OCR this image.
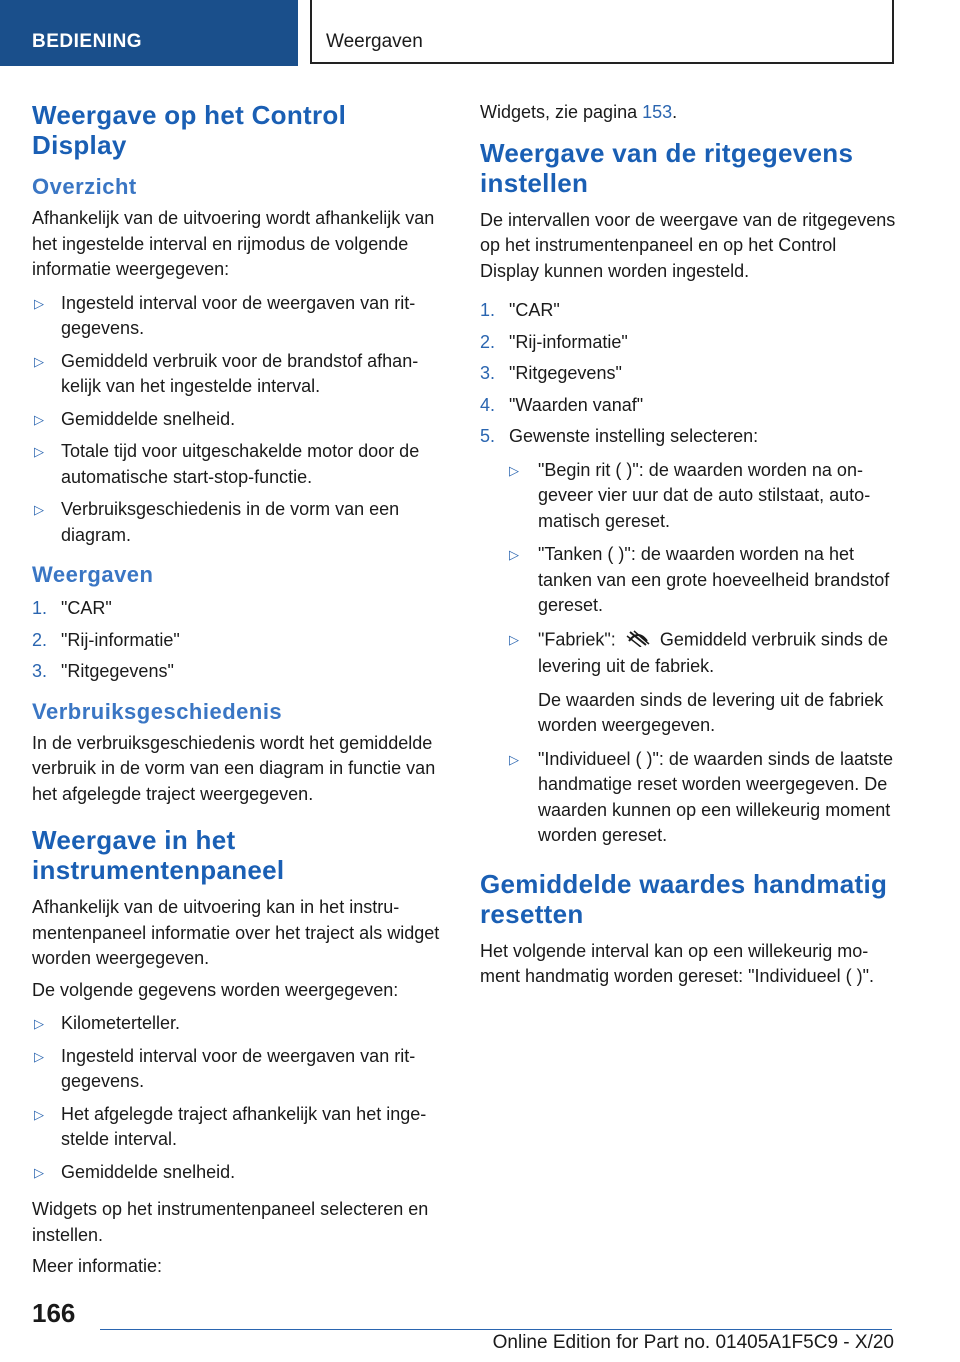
BEDIENING	Weergaven
Weergave op het Control Display
Overzicht

Afhankelijk van de uitvoering wordt afhankelijk van het ingestelde interval en rijmodus de volgende informatie weergegeven:

▷ Ingesteld interval voor de weergaven van ritgegevens.
▷ Gemiddeld verbruik voor de brandstof afhankelijk van het ingestelde interval.
▷ Gemiddelde snelheid.
▷ Totale tijd voor uitgeschakelde motor door de automatische start-stop-functie.
▷ Verbruiksgeschiedenis in de vorm van een diagram.
Weergaven
1. "CAR"
2. "Rij-informatie"
3. "Ritgegevens"
Verbruiksgeschiedenis

In de verbruiksgeschiedenis wordt het gemiddelde verbruik in de vorm van een diagram in functie van het afgelegde traject weergegeven.

Weergave in het instrumentenpaneel

Afhankelijk van de uitvoering kan in het instrumentenpaneel informatie over het traject als widget worden weergegeven.

De volgende gegevens worden weergegeven:

▷ Kilometerteller.
▷ Ingesteld interval voor de weergaven van ritgegevens.
▷ Het afgelegde traject afhankelijk van het ingestelde interval.
▷ Gemiddelde snelheid.

Widgets op het instrumentenpaneel selecteren en instellen.

Meer informatie:

Widgets, zie pagina 153.

Weergave van de ritgegevens instellen

De intervallen voor de weergave van de ritgegevens op het instrumentenpaneel en op het Control Display kunnen worden ingesteld.

1. "CAR"
2. "Rij-informatie"
3. "Ritgegevens"
4. "Waarden vanaf"
5. Gewenste instelling selecteren:
▷ "Begin rit ( )": de waarden worden na ongeveer vier uur dat de auto stilstaat, automatisch gereset.
▷ "Tanken ( )": de waarden worden na het tanken van een grote hoeveelheid brandstof gereset.
▷ "Fabriek": Gemiddeld verbruik sinds de levering uit de fabriek.

De waarden sinds de levering uit de fabriek worden weergegeven.

▷ "Individueel ( )": de waarden sinds de laatste handmatige reset worden weergegeven. De waarden kunnen op een willekeurig moment worden gereset.
Gemiddelde waardes handmatig resetten

Het volgende interval kan op een willekeurig moment handmatig worden gereset: "Individueel ( )".

166
Online Edition for Part no. 01405A1F5C9 - X/20
